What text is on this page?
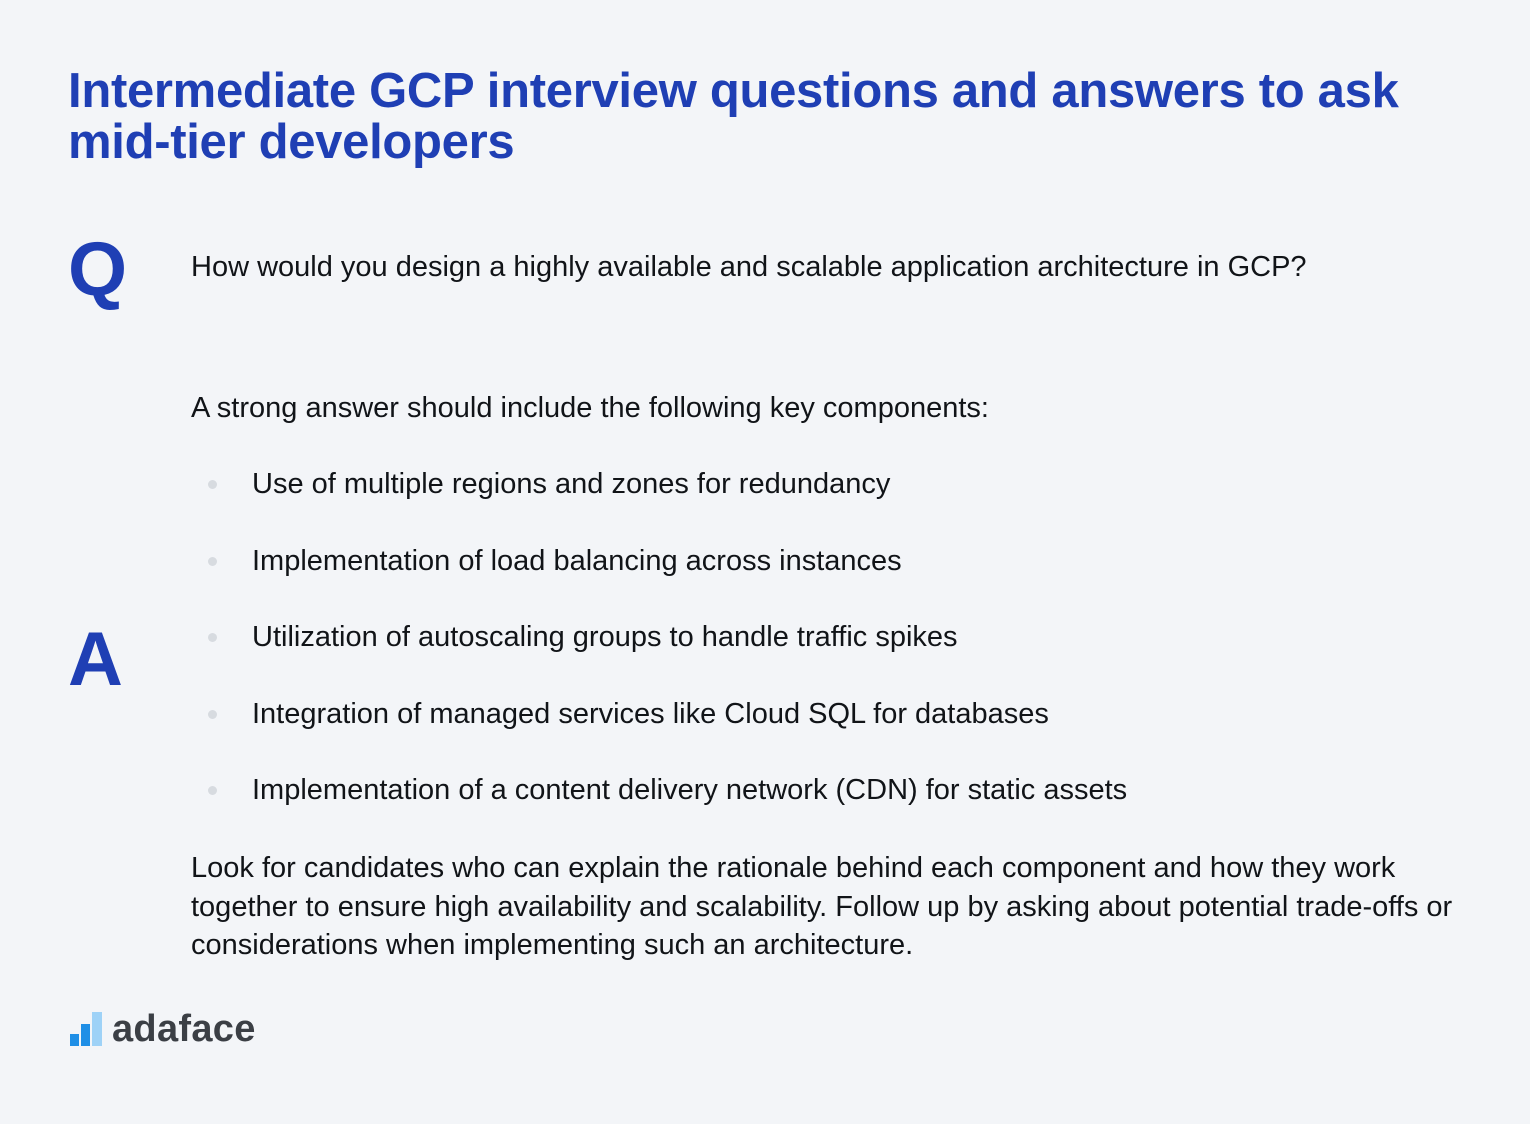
Intermediate GCP interview questions and answers to ask mid-tier developers
Q How would you design a highly available and scalable application architecture in GCP?

A

A strong answer should include the following key components:

Use of multiple regions and zones for redundancy
Implementation of load balancing across instances
Utilization of autoscaling groups to handle traffic spikes
Integration of managed services like Cloud SQL for databases
Implementation of a content delivery network (CDN) for static assets

Look for candidates who can explain the rationale behind each component and how they work together to ensure high availability and scalability. Follow up by asking about potential trade-offs or considerations when implementing such an architecture.

adaface
